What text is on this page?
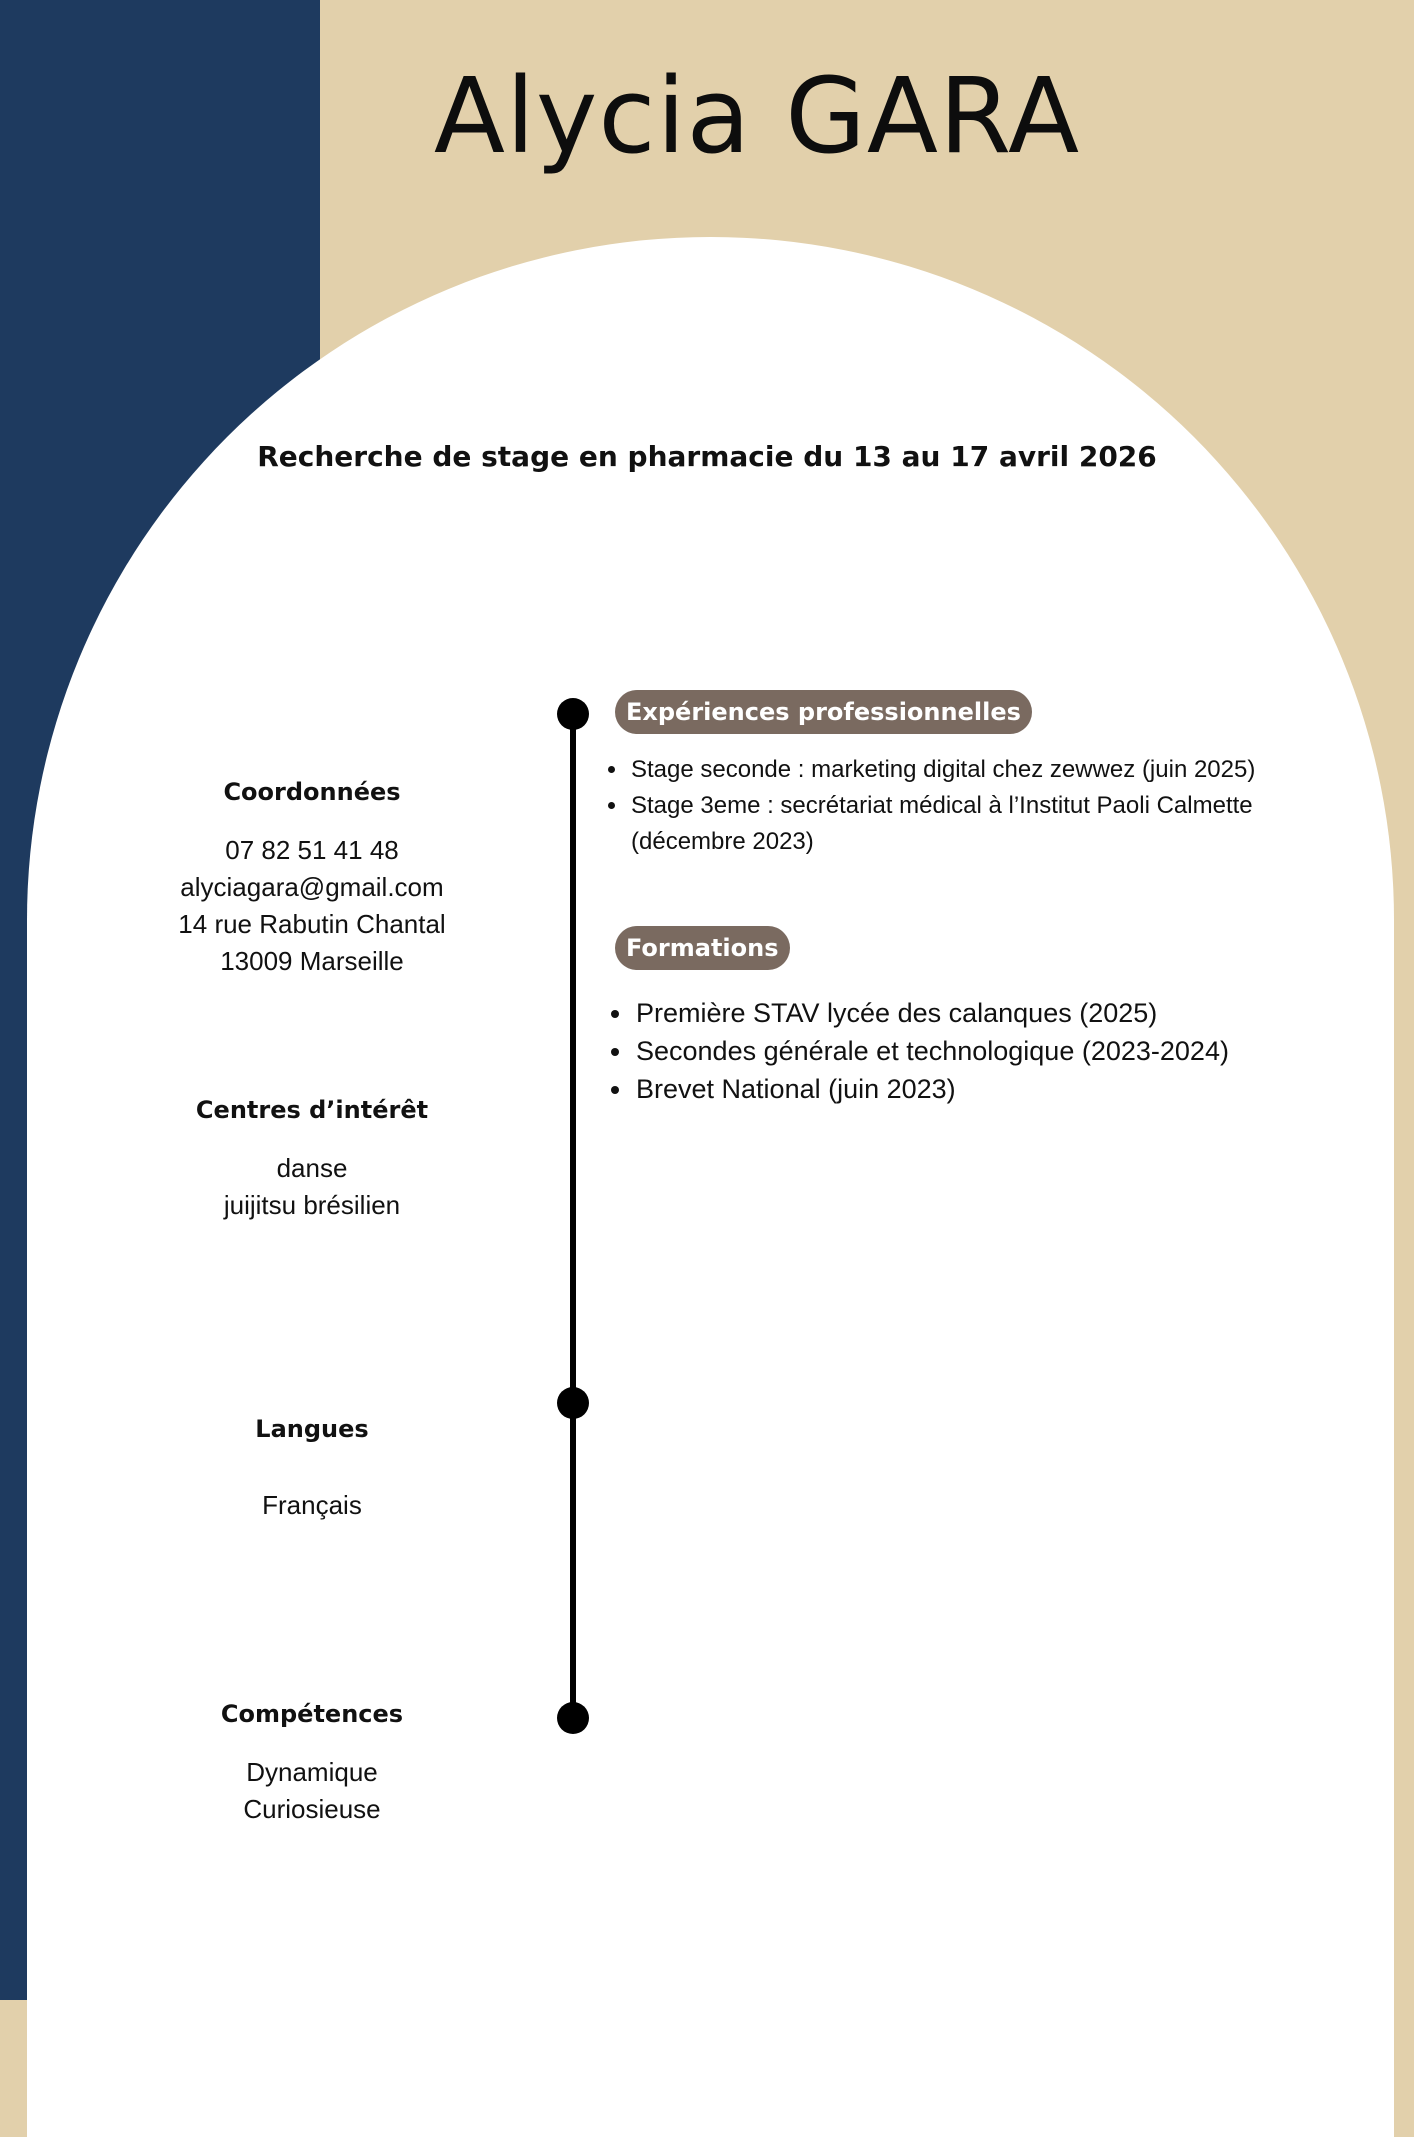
Alycia GARA
Recherche de stage en pharmacie du 13 au 17 avril 2026
Coordonnées
07 82 51 41 48
alyciagara@gmail.com
14 rue Rabutin Chantal
13009 Marseille
Centres d’intérêt
danse
juijitsu brésilien
Langues
Français
Compétences
Dynamique
Curiosieuse
Expériences professionnelles
• Stage seconde : marketing digital chez zewwez (juin 2025)
• Stage 3eme : secrétariat médical à l’Institut Paoli Calmette (décembre 2023)
Formations
• Première STAV lycée des calanques (2025)
• Secondes générale et technologique (2023-2024)
• Brevet National (juin 2023)
